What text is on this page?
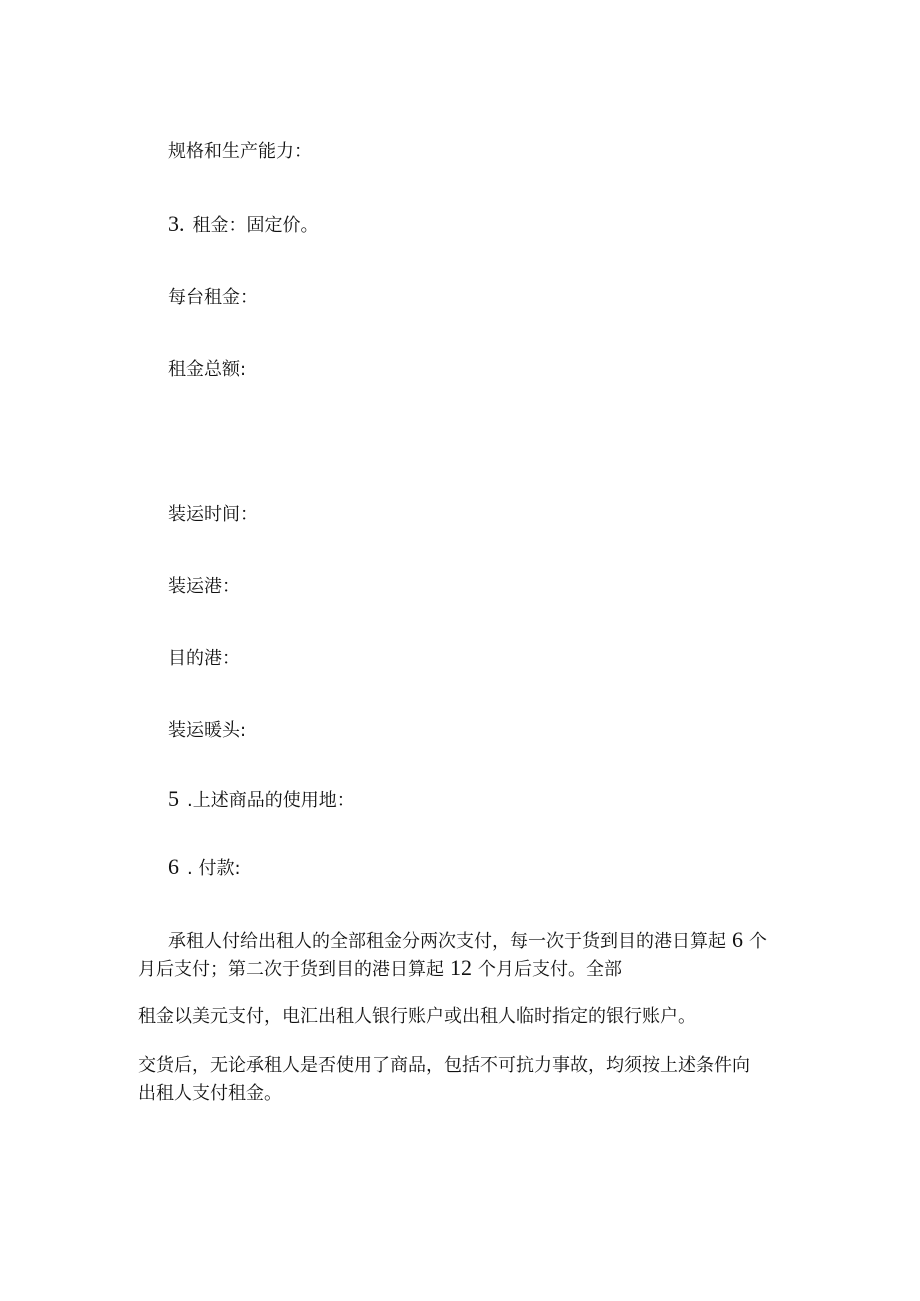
规格和生产能力：
3. 租金：固定价。
每台租金：
租金总额:
装运时间：
装运港：
目的港：
装运暖头:
5 .上述商品的使用地：
6 . 付款:
承租人付给出租人的全部租金分两次支付，每一次于货到目的港日算起 6 个
月后支付；第二次于货到目的港日算起 12 个月后支付。全部
租金以美元支付，电汇出租人银行账户或出租人临时指定的银行账户。
交货后，无论承租人是否使用了商品，包括不可抗力事故，均须按上述条件向
出租人支付租金。
